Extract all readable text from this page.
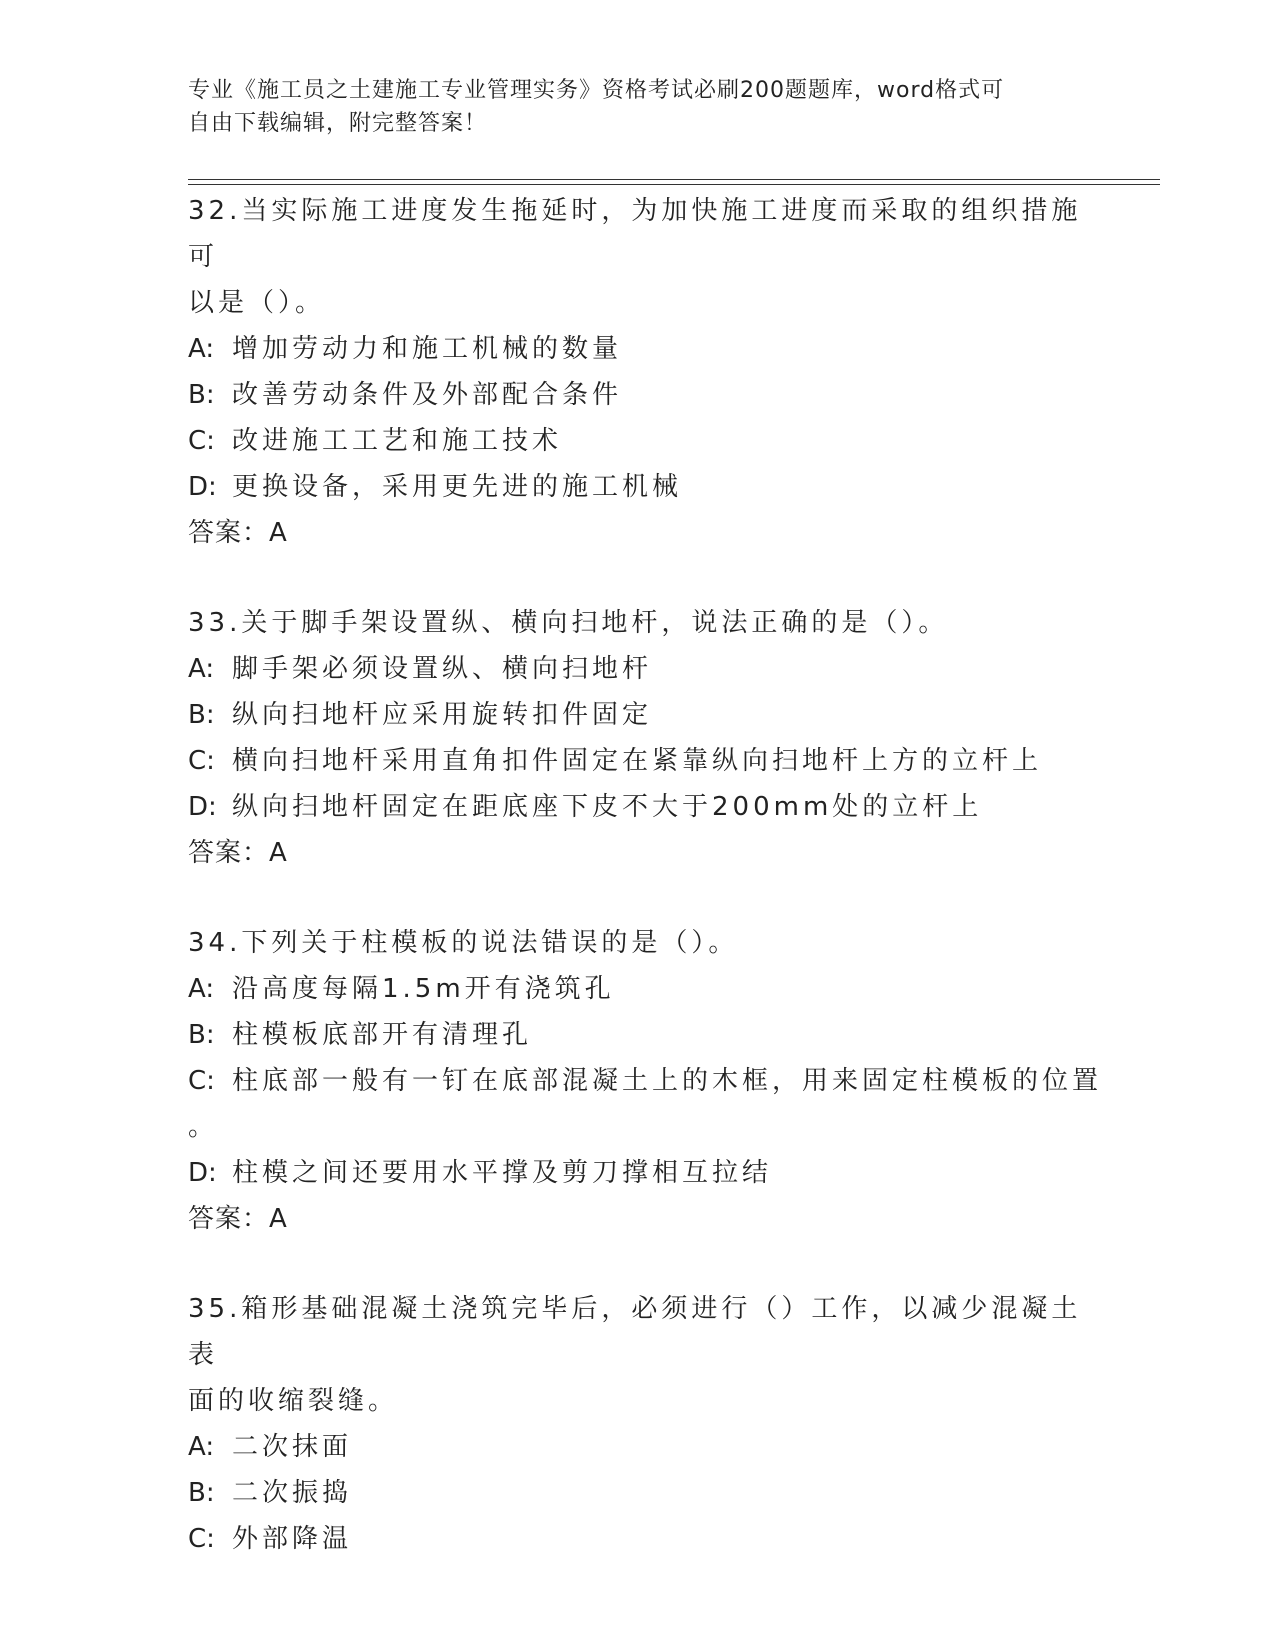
专业《施工员之土建施工专业管理实务》资格考试必刷200题题库，word格式可
自由下载编辑，附完整答案！
32.当实际施工进度发生拖延时，为加快施工进度而采取的组织措施可
以是（）。
A: 增加劳动力和施工机械的数量
B: 改善劳动条件及外部配合条件
C: 改进施工工艺和施工技术
D: 更换设备，采用更先进的施工机械
答案：A
33.关于脚手架设置纵、横向扫地杆，说法正确的是（）。
A: 脚手架必须设置纵、横向扫地杆
B: 纵向扫地杆应采用旋转扣件固定
C: 横向扫地杆采用直角扣件固定在紧靠纵向扫地杆上方的立杆上
D: 纵向扫地杆固定在距底座下皮不大于200mm处的立杆上
答案：A
34.下列关于柱模板的说法错误的是（）。
A: 沿高度每隔1.5m开有浇筑孔
B: 柱模板底部开有清理孔
C: 柱底部一般有一钉在底部混凝土上的木框，用来固定柱模板的位置
。
D: 柱模之间还要用水平撑及剪刀撑相互拉结
答案：A
35.箱形基础混凝土浇筑完毕后，必须进行（）工作，以减少混凝土表
面的收缩裂缝。
A: 二次抹面
B: 二次振捣
C: 外部降温
